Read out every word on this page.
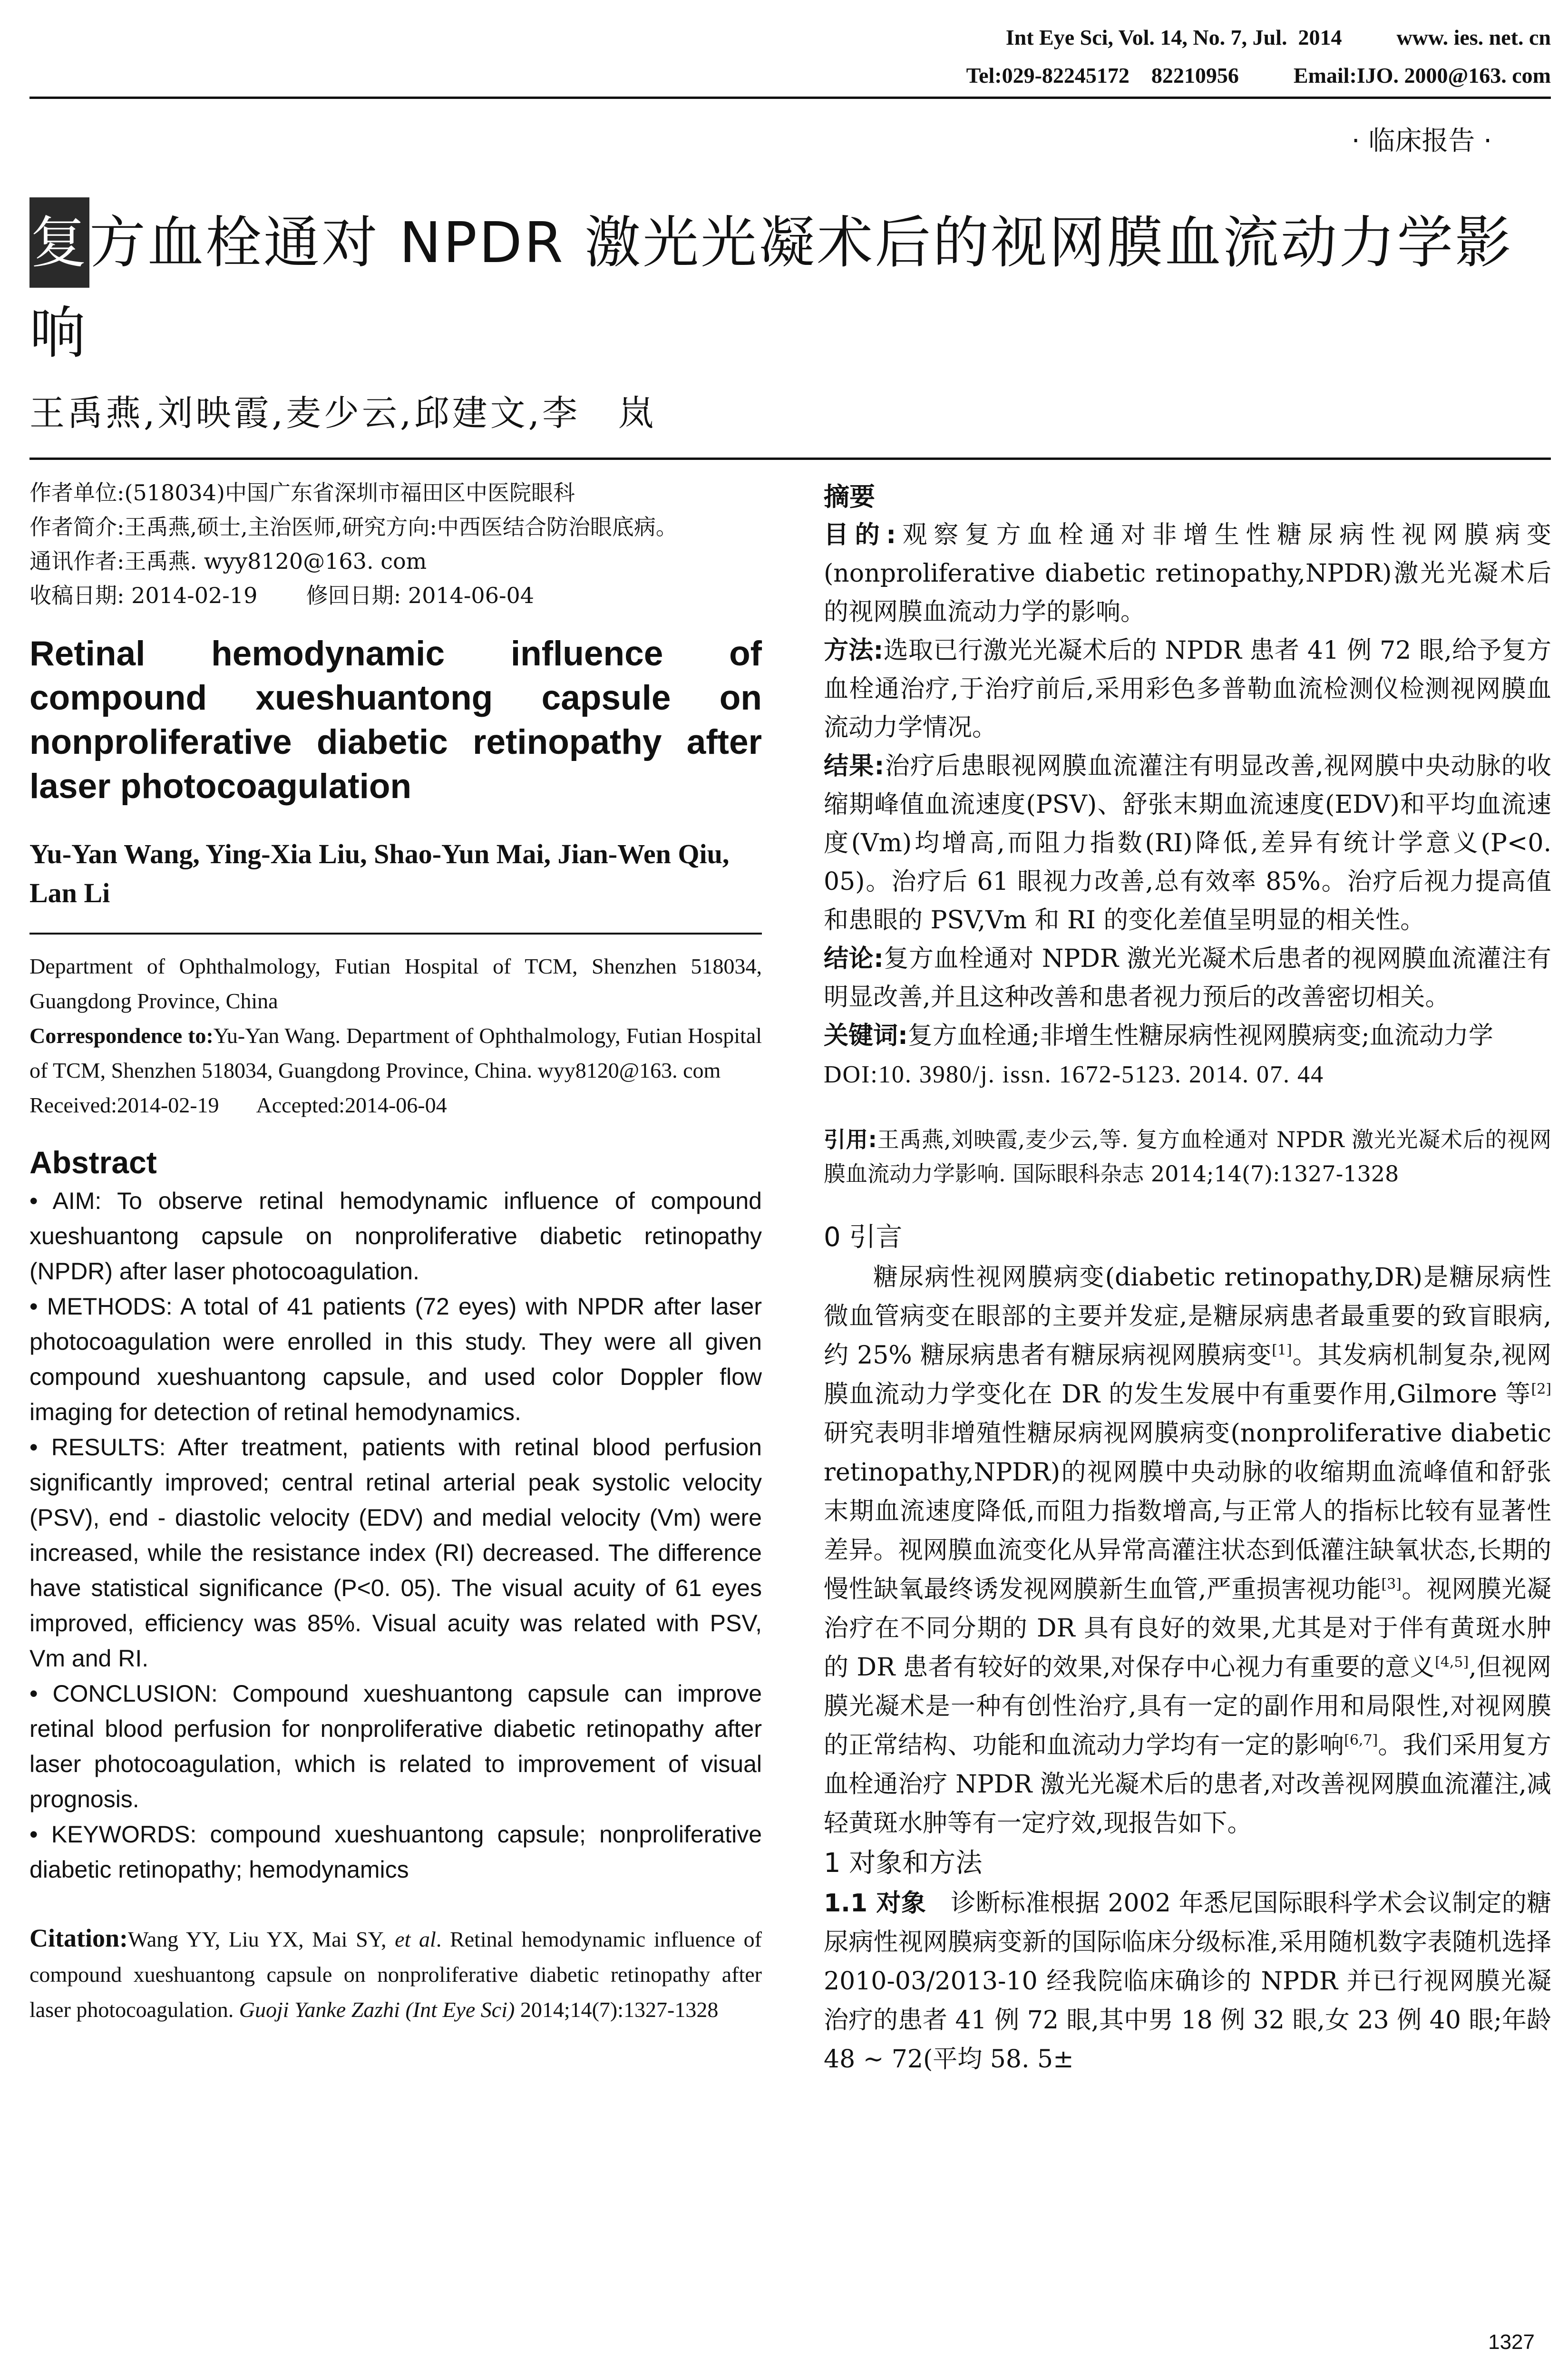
Int Eye Sci, Vol. 14, No. 7, Jul.  2014          www. ies. net. cn
Tel:029-82245172    82210956          Email:IJO. 2000@163. com
· 临床报告 ·
复方血栓通对 NPDR 激光光凝术后的视网膜血流动力学影响
王禹燕,刘映霞,麦少云,邱建文,李　岚
作者单位:(518034)中国广东省深圳市福田区中医院眼科
作者简介:王禹燕,硕士,主治医师,研究方向:中西医结合防治眼底病。
通讯作者:王禹燕. wyy8120@163. com
收稿日期: 2014-02-19       修回日期: 2014-06-04
Retinal hemodynamic influence of compound xueshuantong capsule on nonproliferative diabetic retinopathy after laser photocoagulation
Yu-Yan Wang, Ying-Xia Liu, Shao-Yun Mai, Jian-Wen Qiu, Lan Li
Department of Ophthalmology, Futian Hospital of TCM, Shenzhen 518034, Guangdong Province, China
Correspondence to:Yu-Yan Wang. Department of Ophthalmology, Futian Hospital of TCM, Shenzhen 518034, Guangdong Province, China. wyy8120@163. com
Received:2014-02-19       Accepted:2014-06-04
Abstract
• AIM: To observe retinal hemodynamic influence of compound xueshuantong capsule on nonproliferative diabetic retinopathy (NPDR) after laser photocoagulation.
• METHODS: A total of 41 patients (72 eyes) with NPDR after laser photocoagulation were enrolled in this study. They were all given compound xueshuantong capsule, and used color Doppler flow imaging for detection of retinal hemodynamics.
• RESULTS: After treatment, patients with retinal blood perfusion significantly improved; central retinal arterial peak systolic velocity (PSV), end - diastolic velocity (EDV) and medial velocity (Vm) were increased, while the resistance index (RI) decreased. The difference have statistical significance (P<0. 05). The visual acuity of 61 eyes improved, efficiency was 85%. Visual acuity was related with PSV, Vm and RI.
• CONCLUSION: Compound xueshuantong capsule can improve retinal blood perfusion for nonproliferative diabetic retinopathy after laser photocoagulation, which is related to improvement of visual prognosis.
• KEYWORDS: compound xueshuantong capsule; nonproliferative diabetic retinopathy; hemodynamics
Citation:Wang YY, Liu YX, Mai SY, et al. Retinal hemodynamic influence of compound xueshuantong capsule on nonproliferative diabetic retinopathy after laser photocoagulation. Guoji Yanke Zazhi (Int Eye Sci) 2014;14(7):1327-1328
摘要
目的:观察复方血栓通对非增生性糖尿病性视网膜病变(nonproliferative diabetic retinopathy,NPDR)激光光凝术后的视网膜血流动力学的影响。
方法:选取已行激光光凝术后的 NPDR 患者 41 例 72 眼,给予复方血栓通治疗,于治疗前后,采用彩色多普勒血流检测仪检测视网膜血流动力学情况。
结果:治疗后患眼视网膜血流灌注有明显改善,视网膜中央动脉的收缩期峰值血流速度(PSV)、舒张末期血流速度(EDV)和平均血流速度(Vm)均增高,而阻力指数(RI)降低,差异有统计学意义(P<0. 05)。治疗后 61 眼视力改善,总有效率 85%。治疗后视力提高值和患眼的 PSV,Vm 和 RI 的变化差值呈明显的相关性。
结论:复方血栓通对 NPDR 激光光凝术后患者的视网膜血流灌注有明显改善,并且这种改善和患者视力预后的改善密切相关。
关键词:复方血栓通;非增生性糖尿病性视网膜病变;血流动力学
DOI:10. 3980/j. issn. 1672-5123. 2014. 07. 44
引用:王禹燕,刘映霞,麦少云,等. 复方血栓通对 NPDR 激光光凝术后的视网膜血流动力学影响. 国际眼科杂志 2014;14(7):1327-1328
0 引言
糖尿病性视网膜病变(diabetic retinopathy,DR)是糖尿病性微血管病变在眼部的主要并发症,是糖尿病患者最重要的致盲眼病,约 25% 糖尿病患者有糖尿病视网膜病变[1]。其发病机制复杂,视网膜血流动力学变化在 DR 的发生发展中有重要作用,Gilmore 等[2]研究表明非增殖性糖尿病视网膜病变(nonproliferative diabetic retinopathy,NPDR)的视网膜中央动脉的收缩期血流峰值和舒张末期血流速度降低,而阻力指数增高,与正常人的指标比较有显著性差异。视网膜血流变化从异常高灌注状态到低灌注缺氧状态,长期的慢性缺氧最终诱发视网膜新生血管,严重损害视功能[3]。视网膜光凝治疗在不同分期的 DR 具有良好的效果,尤其是对于伴有黄斑水肿的 DR 患者有较好的效果,对保存中心视力有重要的意义[4,5],但视网膜光凝术是一种有创性治疗,具有一定的副作用和局限性,对视网膜的正常结构、功能和血流动力学均有一定的影响[6,7]。我们采用复方血栓通治疗 NPDR 激光光凝术后的患者,对改善视网膜血流灌注,减轻黄斑水肿等有一定疗效,现报告如下。
1 对象和方法
1.1 对象　诊断标准根据 2002 年悉尼国际眼科学术会议制定的糖尿病性视网膜病变新的国际临床分级标准,采用随机数字表随机选择 2010-03/2013-10 经我院临床确诊的 NPDR 并已行视网膜光凝治疗的患者 41 例 72 眼,其中男 18 例 32 眼,女 23 例 40 眼;年龄 48 ~ 72(平均 58. 5±
1327
